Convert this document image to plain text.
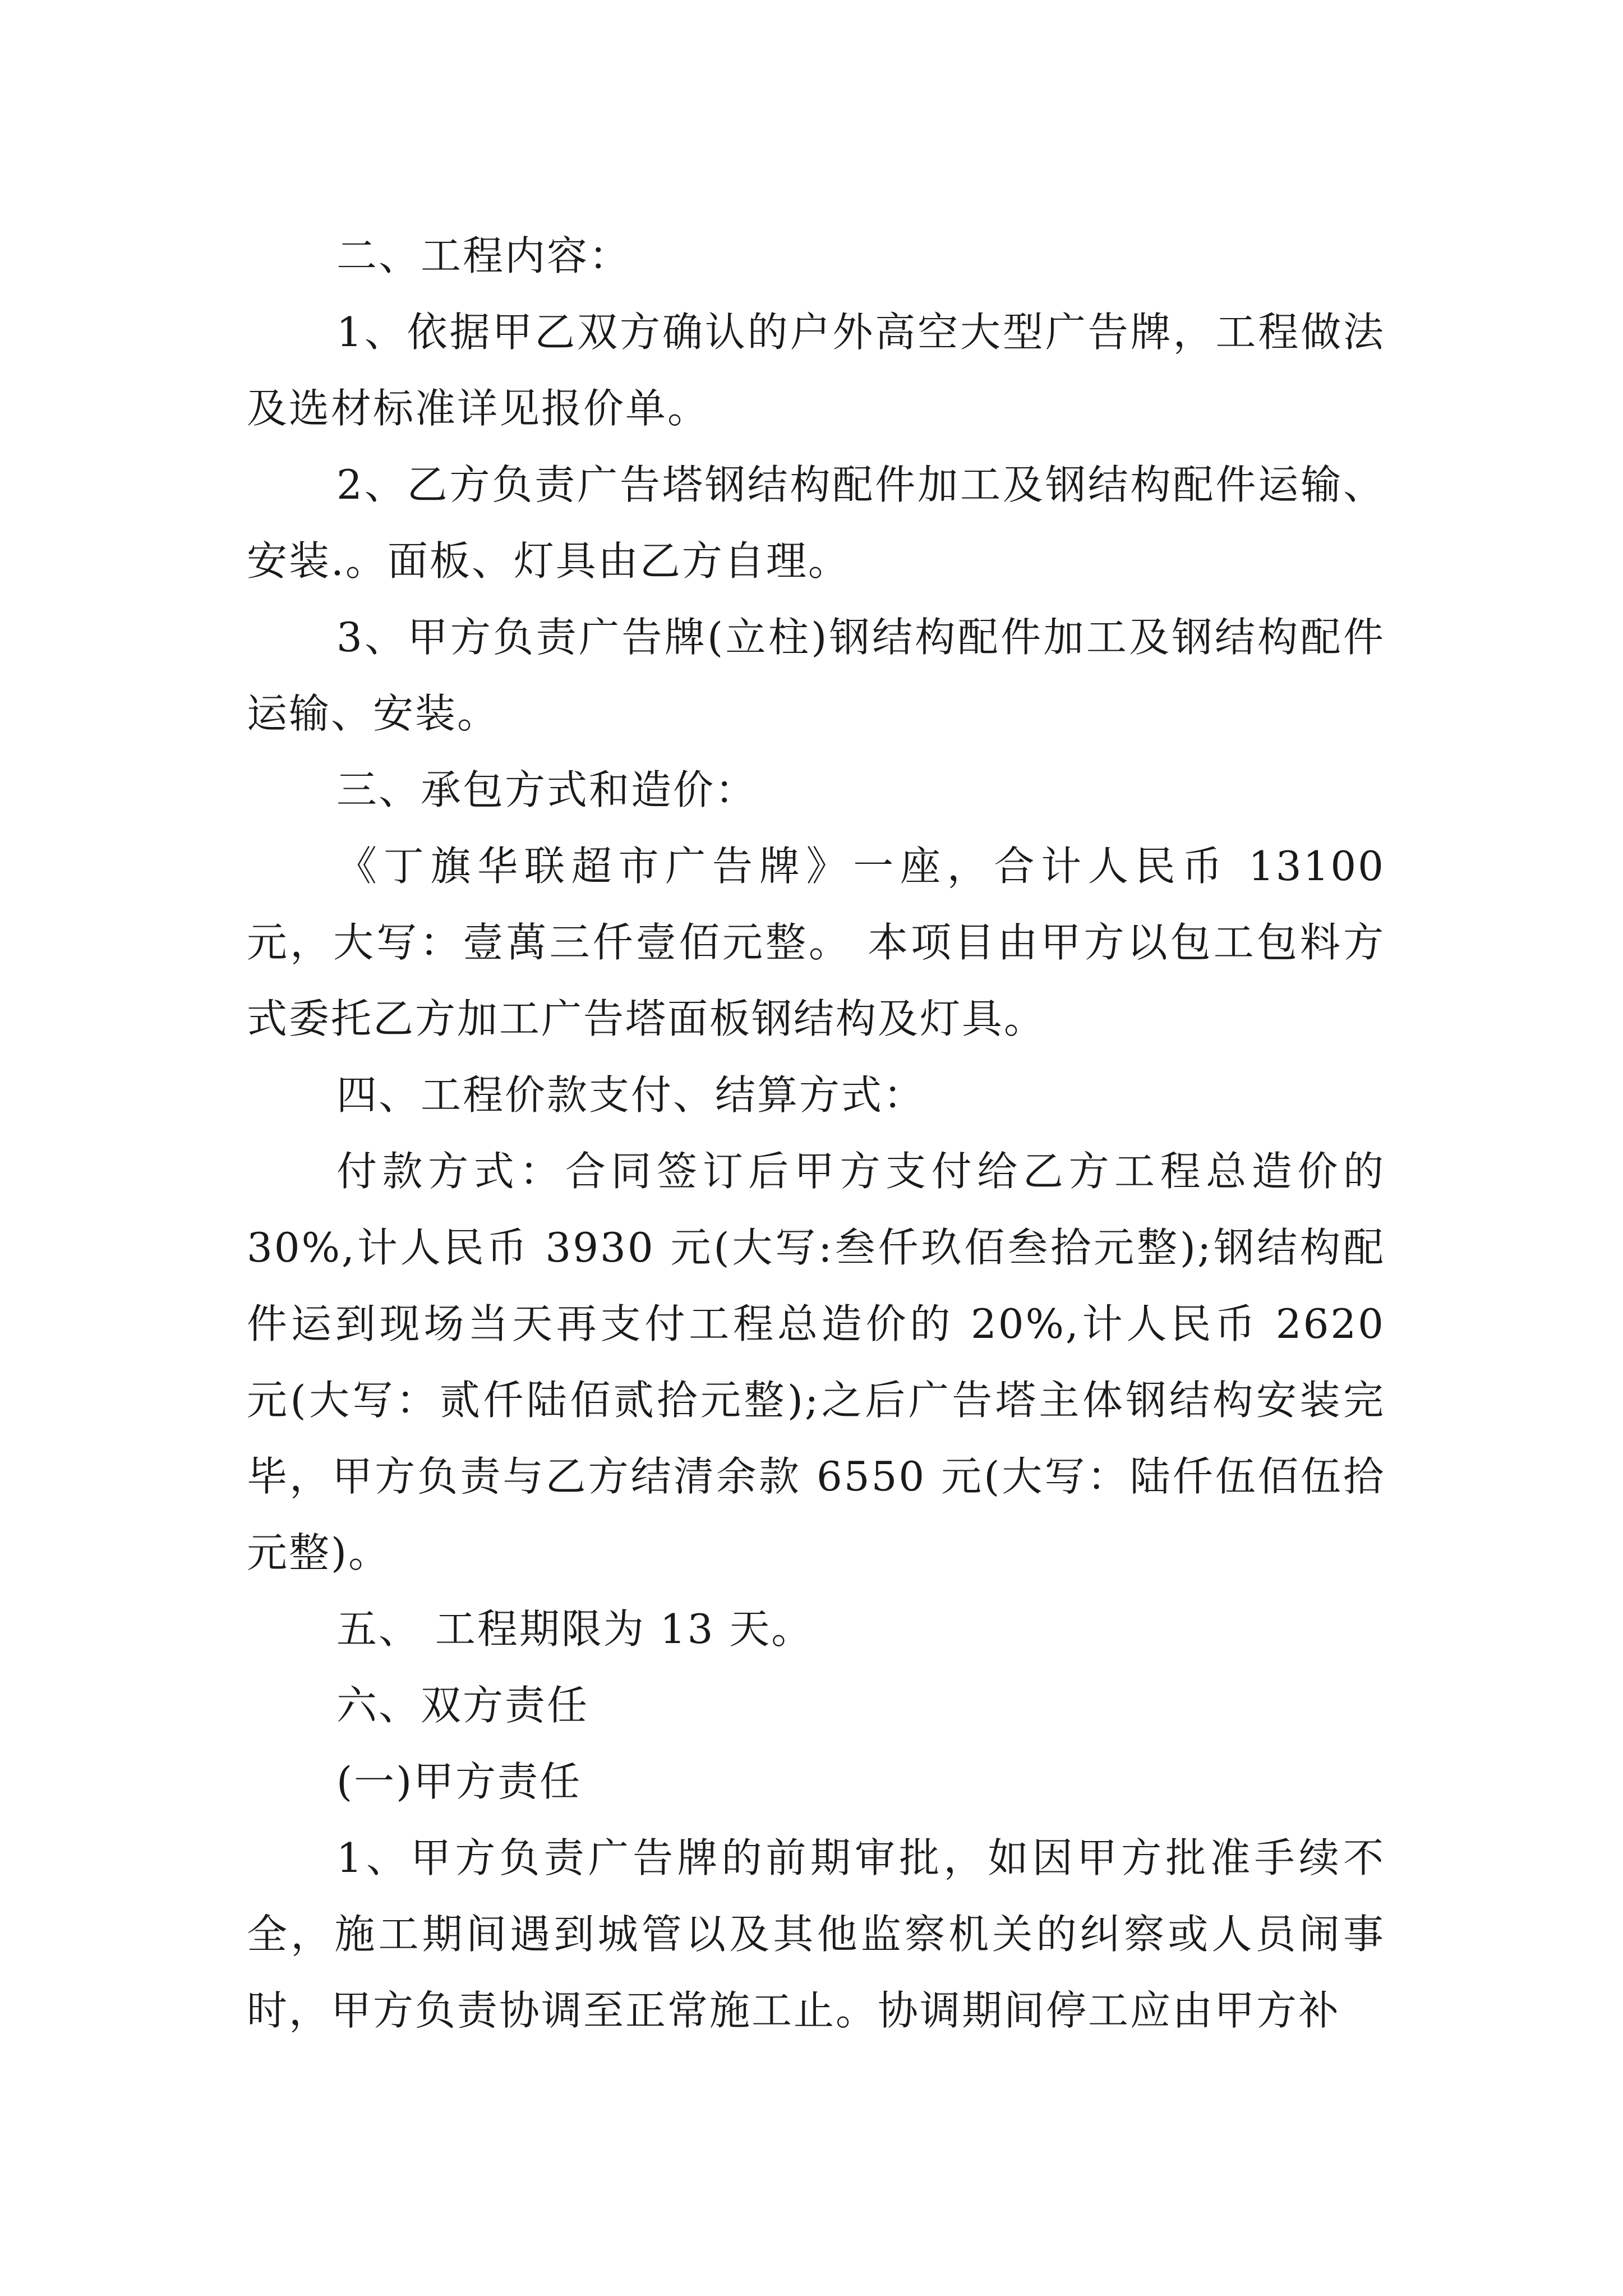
二、工程内容：

1、依据甲乙双方确认的户外高空大型广告牌，工程做法及选材标准详见报价单。

2、乙方负责广告塔钢结构配件加工及钢结构配件运输、安装.。面板、灯具由乙方自理。

3、甲方负责广告牌(立柱)钢结构配件加工及钢结构配件运输、安装。

三、承包方式和造价：

《丁旗华联超市广告牌》一座，合计人民币 13100 元，大写：壹萬三仟壹佰元整。 本项目由甲方以包工包料方式委托乙方加工广告塔面板钢结构及灯具。

四、工程价款支付、结算方式：

付款方式：合同签订后甲方支付给乙方工程总造价的30%,计人民币 3930 元(大写:叁仟玖佰叁拾元整);钢结构配件运到现场当天再支付工程总造价的 20%,计人民币 2620 元(大写：贰仟陆佰贰拾元整);之后广告塔主体钢结构安装完毕，甲方负责与乙方结清余款 6550 元(大写：陆仟伍佰伍拾元整)。

五、 工程期限为 13 天。

六、双方责任

(一)甲方责任

1、甲方负责广告牌的前期审批，如因甲方批准手续不全，施工期间遇到城管以及其他监察机关的纠察或人员闹事时，甲方负责协调至正常施工止。协调期间停工应由甲方补
